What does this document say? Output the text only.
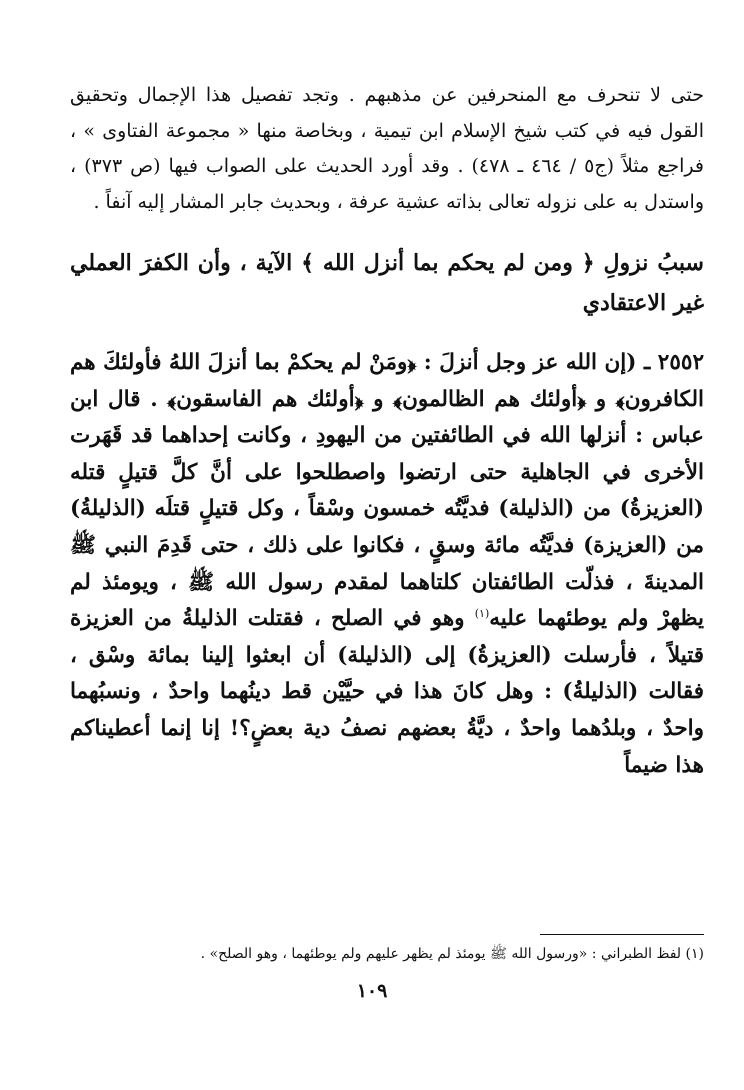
حتى لا تنحرف مع المنحرفين عن مذهبهم . وتجد تفصيل هذا الإجمال وتحقيق القول فيه في كتب شيخ الإسلام ابن تيمية ، وبخاصة منها « مجموعة الفتاوى » ، فراجع مثلاً (ج٥ / ٤٦٤ ـ ٤٧٨) . وقد أورد الحديث على الصواب فيها (ص ٣٧٣) ، واستدل به على نزوله تعالى بذاته عشية عرفة ، وبحديث جابر المشار إليه آنفاً .

سببُ نزولِ ﴿ ومن لم يحكم بما أنزل الله ﴾ الآية ، وأن الكفرَ العملي غير الاعتقادي
٢٥٥٢ ـ (إن الله عز وجل أنزلَ : ﴿ومَنْ لم يحكمْ بما أنزلَ اللهُ فأولئكَ هم الكافرون﴾ و ﴿أولئك هم الظالمون﴾ و ﴿أولئك هم الفاسقون﴾ . قال ابن عباس : أنزلها الله في الطائفتين من اليهودِ ، وكانت إحداهما قد قَهَرت الأخرى في الجاهلية حتى ارتضوا واصطلحوا على أنَّ كلَّ قتيلٍ قتله (العزيزةُ) من (الذليلة) فديَّتُه خمسون وسْقاً ، وكل قتيلٍ قتلَه (الذليلةُ) من (العزيزة) فديَّتُه مائة وسقٍ ، فكانوا على ذلك ، حتى قَدِمَ النبي ﷺ المدينةَ ، فذلّت الطائفتان كلتاهما لمقدم رسول الله ﷺ ، ويومئذ لم يظهرْ ولم يوطئهما عليه$^{(١)}$ وهو في الصلح ، فقتلت الذليلةُ من العزيزة قتيلاً ، فأرسلت (العزيزةُ) إلى (الذليلة) أن ابعثوا إلينا بمائة وسْق ، فقالت (الذليلةُ) : وهل كانَ هذا في حيَّيْن قط دينُهما واحدٌ ، ونسبُهما واحدٌ ، وبلدُهما واحدٌ ، ديَّةُ بعضهم نصفُ دية بعضٍ؟! إنا إنما أعطيناكم هذا ضيماً
(١) لفظ الطبراني : «ورسول الله ﷺ يومئذ لم يظهر عليهم ولم يوطئهما ، وهو الصلح» .
١٠٩
